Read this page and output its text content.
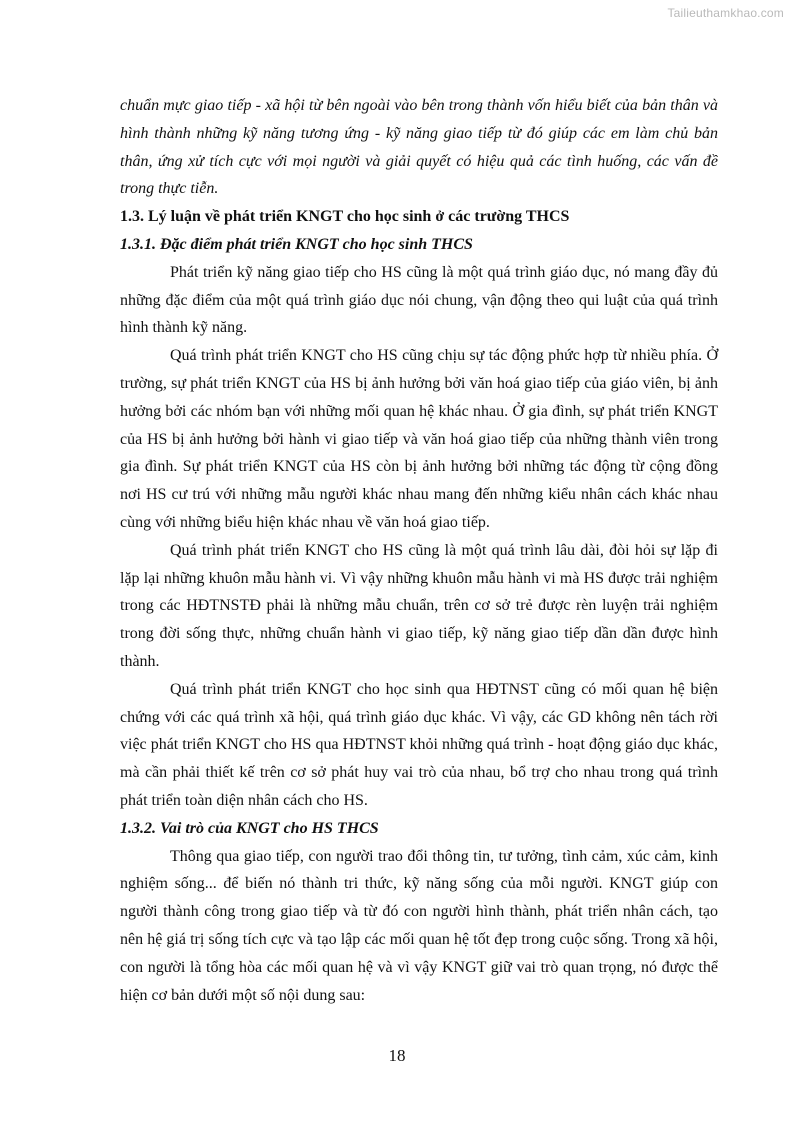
Tailieuthamkhao.com

chuẩn mực giao tiếp - xã hội từ bên ngoài vào bên trong thành vốn hiểu biết của bản thân và hình thành những kỹ năng tương ứng - kỹ năng giao tiếp từ đó giúp các em làm chủ bản thân, ứng xử tích cực với mọi người và giải quyết có hiệu quả các tình huống, các vấn đề trong thực tiễn.

1.3. Lý luận về phát triển KNGT cho học sinh ở các trường THCS

1.3.1. Đặc điểm phát triển KNGT cho học sinh THCS

Phát triển kỹ năng giao tiếp cho HS cũng là một quá trình giáo dục, nó mang đầy đủ những đặc điểm của một quá trình giáo dục nói chung, vận động theo qui luật của quá trình hình thành kỹ năng.

Quá trình phát triển KNGT cho HS cũng chịu sự tác động phức hợp từ nhiều phía. Ở trường, sự phát triển KNGT của HS bị ảnh hưởng bởi văn hoá giao tiếp của giáo viên, bị ảnh hưởng bởi các nhóm bạn với những mối quan hệ khác nhau. Ở gia đình, sự phát triển KNGT của HS bị ảnh hưởng bởi hành vi giao tiếp và văn hoá giao tiếp của những thành viên trong gia đình. Sự phát triển KNGT của HS còn bị ảnh hưởng bởi những tác động từ cộng đồng nơi HS cư trú với những mẫu người khác nhau mang đến những kiểu nhân cách khác nhau cùng với những biểu hiện khác nhau về văn hoá giao tiếp.

Quá trình phát triển KNGT cho HS cũng là một quá trình lâu dài, đòi hỏi sự lặp đi lặp lại những khuôn mẫu hành vi. Vì vậy những khuôn mẫu hành vi mà HS được trải nghiệm trong các HĐTNSTĐ phải là những mẫu chuẩn, trên cơ sở trẻ được rèn luyện trải nghiệm trong đời sống thực, những chuẩn hành vi giao tiếp, kỹ năng giao tiếp dần dần được hình thành.

Quá trình phát triển KNGT cho học sinh qua HĐTNST cũng có mối quan hệ biện chứng với các quá trình xã hội, quá trình giáo dục khác. Vì vậy, các GD không nên tách rời việc phát triển KNGT cho HS qua HĐTNST khỏi những quá trình - hoạt động giáo dục khác, mà cần phải thiết kế trên cơ sở phát huy vai trò của nhau, bổ trợ cho nhau trong quá trình phát triển toàn diện nhân cách cho HS.

1.3.2. Vai trò của KNGT cho HS THCS

Thông qua giao tiếp, con người trao đổi thông tin, tư tưởng, tình cảm, xúc cảm, kinh nghiệm sống... để biến nó thành tri thức, kỹ năng sống của mỗi người. KNGT giúp con người thành công trong giao tiếp và từ đó con người hình thành, phát triển nhân cách, tạo nên hệ giá trị sống tích cực và tạo lập các mối quan hệ tốt đẹp trong cuộc sống. Trong xã hội, con người là tổng hòa các mối quan hệ và vì vậy KNGT giữ vai trò quan trọng, nó được thể hiện cơ bản dưới một số nội dung sau:

18
